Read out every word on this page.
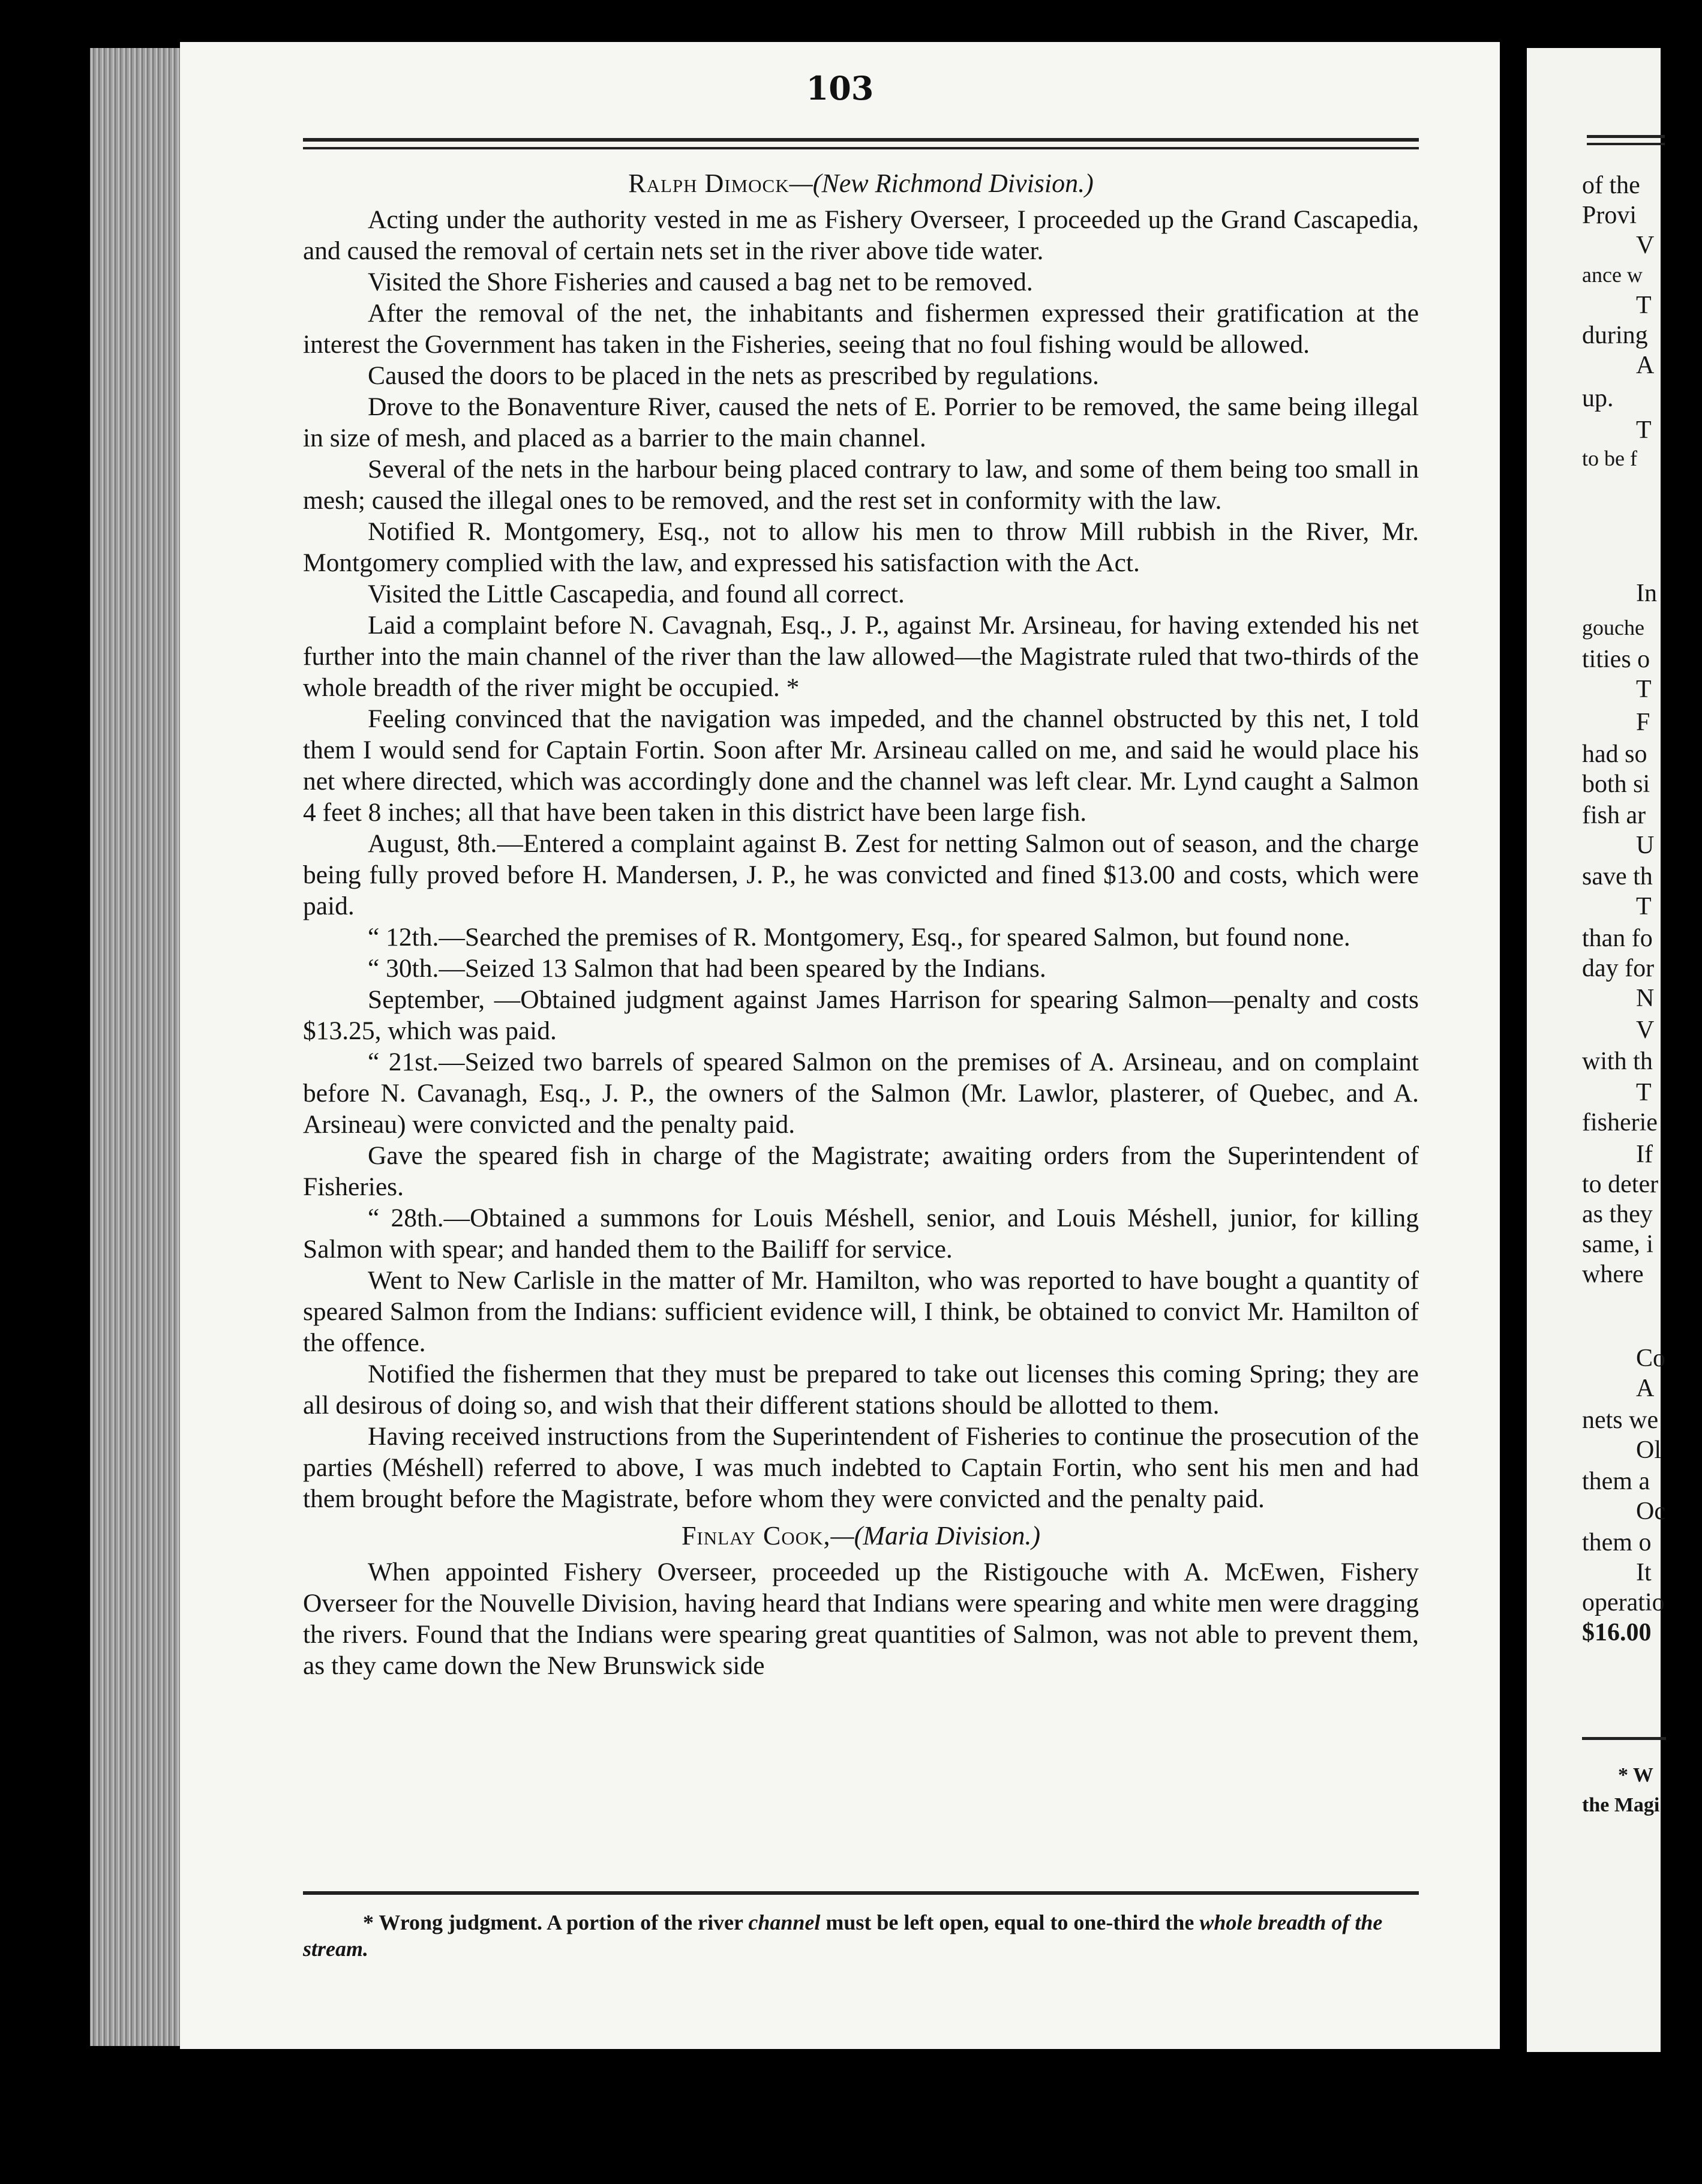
103
Ralph Dimock—(New Richmond Division.)

Acting under the authority vested in me as Fishery Overseer, I proceeded up the Grand Cascapedia, and caused the removal of certain nets set in the river above tide water.

Visited the Shore Fisheries and caused a bag net to be removed.

After the removal of the net, the inhabitants and fishermen expressed their gratification at the interest the Government has taken in the Fisheries, seeing that no foul fishing would be allowed.

Caused the doors to be placed in the nets as prescribed by regulations.

Drove to the Bonaventure River, caused the nets of E. Porrier to be removed, the same being illegal in size of mesh, and placed as a barrier to the main channel.

Several of the nets in the harbour being placed contrary to law, and some of them being too small in mesh; caused the illegal ones to be removed, and the rest set in conformity with the law.

Notified R. Montgomery, Esq., not to allow his men to throw Mill rubbish in the River, Mr. Montgomery complied with the law, and expressed his satisfaction with the Act.

Visited the Little Cascapedia, and found all correct.

Laid a complaint before N. Cavagnah, Esq., J. P., against Mr. Arsineau, for having extended his net further into the main channel of the river than the law allowed—the Magistrate ruled that two-thirds of the whole breadth of the river might be occupied. *

Feeling convinced that the navigation was impeded, and the channel obstructed by this net, I told them I would send for Captain Fortin. Soon after Mr. Arsineau called on me, and said he would place his net where directed, which was accordingly done and the channel was left clear. Mr. Lynd caught a Salmon 4 feet 8 inches; all that have been taken in this district have been large fish.

August, 8th.—Entered a complaint against B. Zest for netting Salmon out of season, and the charge being fully proved before H. Mandersen, J. P., he was convicted and fined $13.00 and costs, which were paid.

“ 12th.—Searched the premises of R. Montgomery, Esq., for speared Salmon, but found none.

“ 30th.—Seized 13 Salmon that had been speared by the Indians.

September, —Obtained judgment against James Harrison for spearing Salmon—penalty and costs $13.25, which was paid.

“ 21st.—Seized two barrels of speared Salmon on the premises of A. Arsineau, and on complaint before N. Cavanagh, Esq., J. P., the owners of the Salmon (Mr. Lawlor, plasterer, of Quebec, and A. Arsineau) were convicted and the penalty paid.

Gave the speared fish in charge of the Magistrate; awaiting orders from the Superintendent of Fisheries.

“ 28th.—Obtained a summons for Louis Méshell, senior, and Louis Méshell, junior, for killing Salmon with spear; and handed them to the Bailiff for service.

Went to New Carlisle in the matter of Mr. Hamilton, who was reported to have bought a quantity of speared Salmon from the Indians: sufficient evidence will, I think, be obtained to convict Mr. Hamilton of the offence.

Notified the fishermen that they must be prepared to take out licenses this coming Spring; they are all desirous of doing so, and wish that their different stations should be allotted to them.

Having received instructions from the Superintendent of Fisheries to continue the prosecution of the parties (Méshell) referred to above, I was much indebted to Captain Fortin, who sent his men and had them brought before the Magistrate, before whom they were convicted and the penalty paid.

Finlay Cook,—(Maria Division.)

When appointed Fishery Overseer, proceeded up the Ristigouche with A. McEwen, Fishery Overseer for the Nouvelle Division, having heard that Indians were spearing and white men were dragging the rivers. Found that the Indians were spearing great quantities of Salmon, was not able to prevent them, as they came down the New Brunswick side

* Wrong judgment. A portion of the river channel must be left open, equal to one-third the whole breadth of the stream.
of the
Provi
V
ance w
T
during
A
up.
T
to be f
In
gouche
tities o
T
F
had so
both si
fish ar
U
save th
T
than fo
day for
N
V
with th
T
fisherie
If
to deter
as they
same, i
where
Co
A
nets we
Ol
them a
Oc
them o
It
operatio
$16.00
* W
the Magi
